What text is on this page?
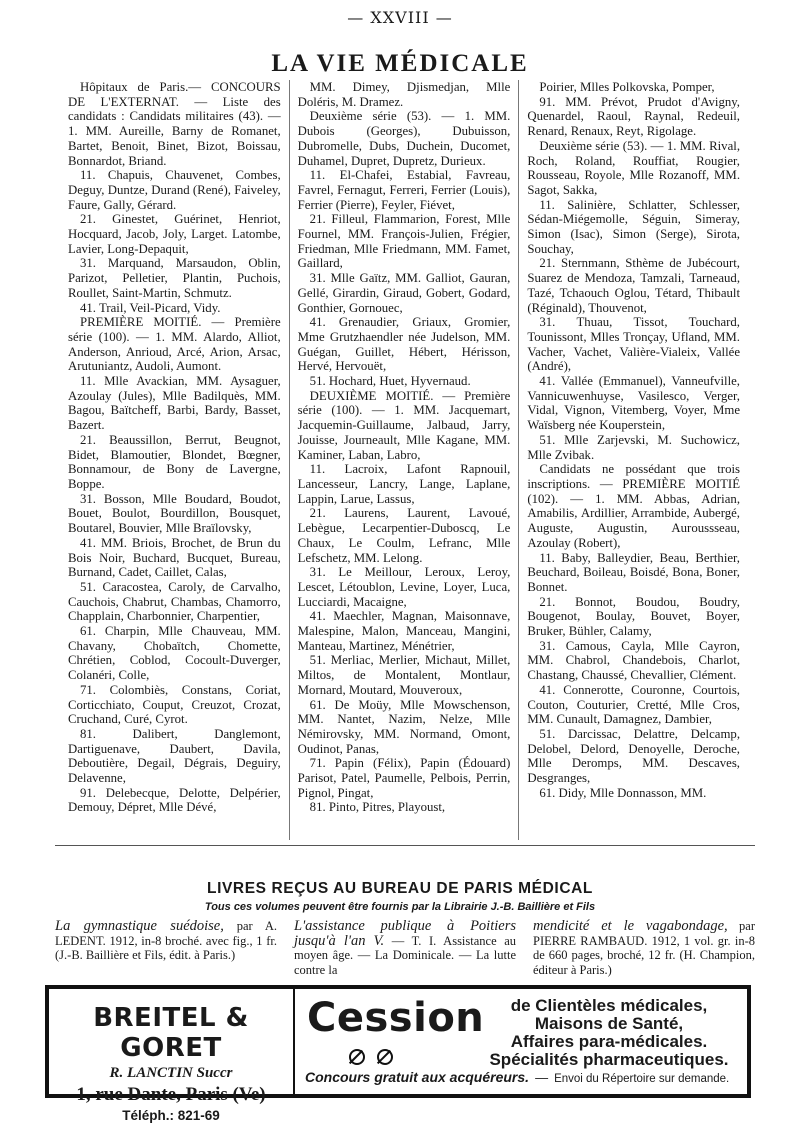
— XXVIII —
LA VIE MÉDICALE

Hôpitaux de Paris.— CONCOURS DE L'EXTERNAT. — Liste des candidats : Candidats militaires (43). — 1. MM. Aureille, Barny de Romanet, Bartet, Benoit, Binet, Bizot, Boissau, Bonnardot, Briand.

11. Chapuis, Chauvenet, Combes, Deguy, Duntze, Durand (René), Faiveley, Faure, Gally, Gérard.

21. Ginestet, Guérinet, Henriot, Hocquard, Jacob, Joly, Larget. Latombe, Lavier, Long-Depaquit,

31. Marquand, Marsaudon, Oblin, Parizot, Pelletier, Plantin, Puchois, Roullet, Saint-Martin, Schmutz.

41. Trail, Veil-Picard, Vidy.

PREMIÈRE MOITIÉ. — Première série (100). — 1. MM. Alardo, Alliot, Anderson, Anrioud, Arcé, Arion, Arsac, Arutuniantz, Audoli, Aumont.

11. Mlle Avackian, MM. Aysaguer, Azoulay (Jules), Mlle Badilquès, MM. Bagou, Baïtcheff, Barbi, Bardy, Basset, Bazert.

21. Beaussillon, Berrut, Beugnot, Bidet, Blamoutier, Blondet, Bœgner, Bonnamour, de Bony de Lavergne, Boppe.

31. Bosson, Mlle Boudard, Boudot, Bouet, Boulot, Bourdillon, Bousquet, Boutarel, Bouvier, Mlle Braïlovsky,

41. MM. Briois, Brochet, de Brun du Bois Noir, Buchard, Bucquet, Bureau, Burnand, Cadet, Caillet, Calas,

51. Caracostea, Caroly, de Carvalho, Cauchois, Chabrut, Chambas, Chamorro, Chapplain, Charbonnier, Charpentier,

61. Charpin, Mlle Chauveau, MM. Chavany, Chobaïtch, Chomette, Chrétien, Coblod, Cocoult-Duverger, Colanéri, Colle,

71. Colombiès, Constans, Coriat, Corticchiato, Couput, Creuzot, Crozat, Cruchand, Curé, Cyrot.

81. Dalibert, Danglemont, Dartiguenave, Daubert, Davila, Deboutière, Degail, Dégrais, Deguiry, Delavenne,

91. Delebecque, Delotte, Delpérier, Demouy, Dépret, Mlle Dévé,

MM. Dimey, Djismedjan, Mlle Doléris, M. Dramez.

Deuxième série (53). — 1. MM. Dubois (Georges), Dubuisson, Dubromelle, Dubs, Duchein, Ducomet, Duhamel, Dupret, Dupretz, Durieux.

11. El-Chafei, Estabial, Favreau, Favrel, Fernagut, Ferreri, Ferrier (Louis), Ferrier (Pierre), Feyler, Fiévet,

21. Filleul, Flammarion, Forest, Mlle Fournel, MM. François-Julien, Frégier, Friedman, Mlle Friedmann, MM. Famet, Gaillard,

31. Mlle Gaïtz, MM. Galliot, Gauran, Gellé, Girardin, Giraud, Gobert, Godard, Gonthier, Gornouec,

41. Grenaudier, Griaux, Gromier, Mme Grutzhaendler née Judelson, MM. Guégan, Guillet, Hébert, Hérisson, Hervé, Hervouët,

51. Hochard, Huet, Hyvernaud.

DEUXIÈME MOITIÉ. — Première série (100). — 1. MM. Jacquemart, Jacquemin-Guillaume, Jalbaud, Jarry, Jouisse, Journeault, Mlle Kagane, MM. Kaminer, Laban, Labro,

11. Lacroix, Lafont Rapnouil, Lancesseur, Lancry, Lange, Laplane, Lappin, Larue, Lassus,

21. Laurens, Laurent, Lavoué, Lebègue, Lecarpentier-Duboscq, Le Chaux, Le Coulm, Lefranc, Mlle Lefschetz, MM. Lelong.

31. Le Meillour, Leroux, Leroy, Lescet, Létoublon, Levine, Loyer, Luca, Lucciardi, Macaigne,

41. Maechler, Magnan, Maisonnave, Malespine, Malon, Manceau, Mangini, Manteau, Martinez, Ménétrier,

51. Merliac, Merlier, Michaut, Millet, Miltos, de Montalent, Montlaur, Mornard, Moutard, Mouveroux,

61. De Moüy, Mlle Mowschenson, MM. Nantet, Nazim, Nelze, Mlle Némirovsky, MM. Normand, Omont, Oudinot, Panas,

71. Papin (Félix), Papin (Édouard) Parisot, Patel, Paumelle, Pelbois, Perrin, Pignol, Pingat,

81. Pinto, Pitres, Playoust,

Poirier, Mlles Polkovska, Pomper,

91. MM. Prévot, Prudot d'Avigny, Quenardel, Raoul, Raynal, Redeuil, Renard, Renaux, Reyt, Rigolage.

Deuxième série (53). — 1. MM. Rival, Roch, Roland, Rouffiat, Rougier, Rousseau, Royole, Mlle Rozanoff, MM. Sagot, Sakka,

11. Salinière, Schlatter, Schlesser, Sédan-Miégemolle, Séguin, Simeray, Simon (Isac), Simon (Serge), Sirota, Souchay,

21. Sternmann, Sthème de Jubécourt, Suarez de Mendoza, Tamzali, Tarneaud, Tazé, Tchaouch Oglou, Tétard, Thibault (Réginald), Thouvenot,

31. Thuau, Tissot, Touchard, Tounissont, Mlles Tronçay, Ufland, MM. Vacher, Vachet, Valière-Vialeix, Vallée (André),

41. Vallée (Emmanuel), Vanneufville, Vannicuwenhuyse, Vasilesco, Verger, Vidal, Vignon, Vitemberg, Voyer, Mme Waïsberg née Kouperstein,

51. Mlle Zarjevski, M. Suchowicz, Mlle Zvibak.

Candidats ne possédant que trois inscriptions. — PREMIÈRE MOITIÉ (102). — 1. MM. Abbas, Adrian, Amabilis, Ardillier, Arrambide, Aubergé, Auguste, Augustin, Auroussseau, Azoulay (Robert),

11. Baby, Balleydier, Beau, Berthier, Beuchard, Boileau, Boisdé, Bona, Boner, Bonnet.

21. Bonnot, Boudou, Boudry, Bougenot, Boulay, Bouvet, Boyer, Bruker, Bühler, Calamy,

31. Camous, Cayla, Mlle Cayron, MM. Chabrol, Chandebois, Charlot, Chastang, Chaussé, Chevallier, Clément.

41. Connerotte, Couronne, Courtois, Couton, Couturier, Cretté, Mlle Cros, MM. Cunault, Damagnez, Dambier,

51. Darcissac, Delattre, Delcamp, Delobel, Delord, Denoyelle, Deroche, Mlle Deromps, MM. Descaves, Desgranges,

61. Didy, Mlle Donnasson, MM.

LIVRES REÇUS AU BUREAU DE PARIS MÉDICAL
Tous ces volumes peuvent être fournis par la Librairie J.-B. Baillière et Fils
La gymnastique suédoise, par A. LEDENT. 1912, in-8 broché. avec fig., 1 fr. (J.-B. Baillière et Fils, édit. à Paris.)
L'assistance publique à Poitiers jusqu'à l'an V. — T. I. Assistance au moyen âge. — La Dominicale. — La lutte contre la
mendicité et le vagabondage, par PIERRE RAMBAUD. 1912, 1 vol. gr. in-8 de 660 pages, broché, 12 fr. (H. Champion, éditeur à Paris.)
BREITEL & GORET
R. LANCTIN Succr
1, rue Dante, Paris (Ve)
Téléph.: 821-69
Cession	de Clientèles médicales,
Maisons de Santé,
Affaires para-médicales.
Spécialités pharmaceutiques.
Concours gratuit aux acquéreurs. — Envoi du Répertoire sur demande.
